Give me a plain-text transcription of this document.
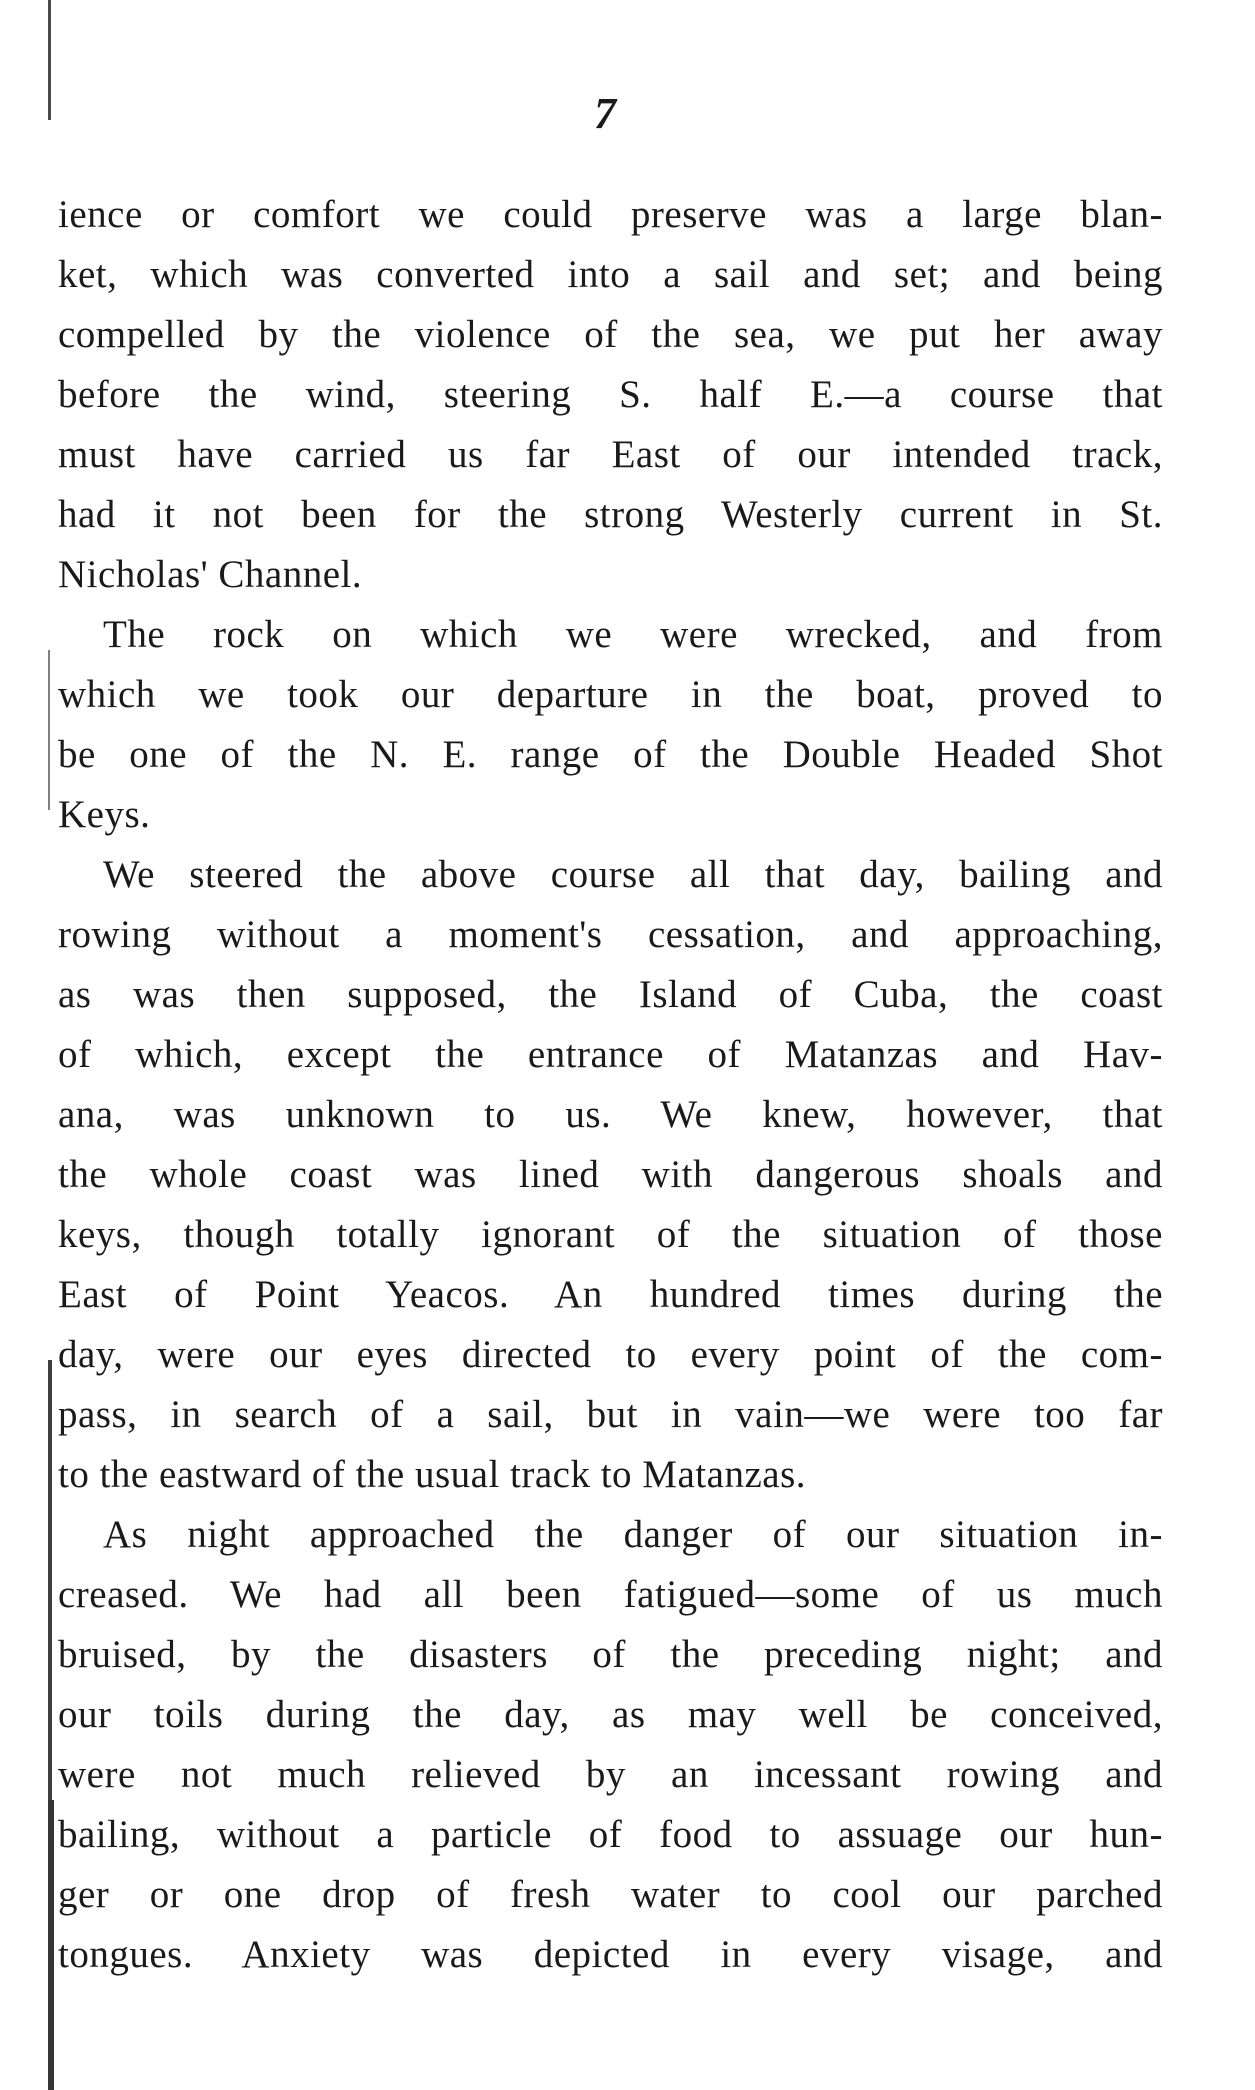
7
ience or comfort we could preserve was a large blan-
ket, which was converted into a sail and set; and being
compelled by the violence of the sea, we put her away
before the wind, steering S. half E.—a course that
must have carried us far East of our intended track,
had it not been for the strong Westerly current in St.
Nicholas' Channel.
The rock on which we were wrecked, and from
which we took our departure in the boat, proved to
be one of the N. E. range of the Double Headed Shot
Keys.
We steered the above course all that day, bailing and
rowing without a moment's cessation, and approaching,
as was then supposed, the Island of Cuba, the coast
of which, except the entrance of Matanzas and Hav-
ana, was unknown to us. We knew, however, that
the whole coast was lined with dangerous shoals and
keys, though totally ignorant of the situation of those
East of Point Yeacos. An hundred times during the
day, were our eyes directed to every point of the com-
pass, in search of a sail, but in vain—we were too far
to the eastward of the usual track to Matanzas.
As night approached the danger of our situation in-
creased. We had all been fatigued—some of us much
bruised, by the disasters of the preceding night; and
our toils during the day, as may well be conceived,
were not much relieved by an incessant rowing and
bailing, without a particle of food to assuage our hun-
ger or one drop of fresh water to cool our parched
tongues. Anxiety was depicted in every visage, and
